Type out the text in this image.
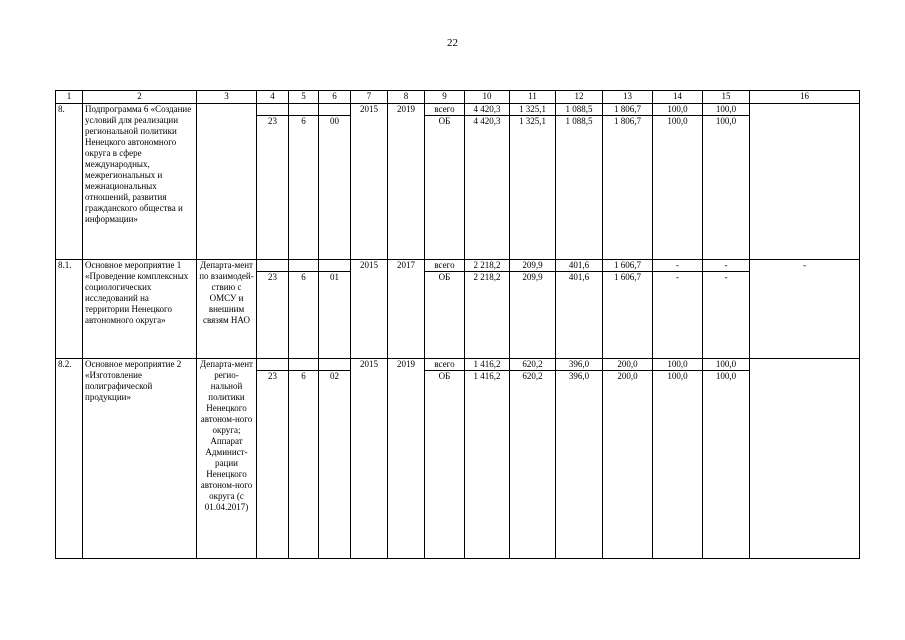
22
1	2	3	4	5	6	7	8	9	10	11	12	13	14	15	16
8.	Подпрограмма 6 «Создание условий для реализации региональной политики Ненецкого автономного округа в сфере международных, межрегиональных и межнациональных отношений, развития гражданского общества и информации»					2015	2019	всего	4 420,3	1 325,1	1 088,5	1 806,7	100,0	100,0	
			23	6	00			ОБ	4 420,3	1 325,1	1 088,5	1 806,7	100,0	100,0	
8.1.	Основное мероприятие 1 «Проведение комплексных социологических исследований на территории Ненецкого автономного округа»	Департа-мент по взаимодей-ствию с ОМСУ и внешним связям НАО				2015	2017	всего	2 218,2	209,9	401,6	1 606,7	-	-	-
			23	6	01			ОБ	2 218,2	209,9	401,6	1 606,7	-	-	
8.2.	Основное мероприятие 2 «Изготовление полиграфической продукции»	Департа-мент регио-нальной политики Ненецкого автоном-ного округа; Аппарат Админист-рации Ненецкого автоном-ного округа (с 01.04.2017)				2015	2019	всего	1 416,2	620,2	396,0	200,0	100,0	100,0	
			23	6	02			ОБ	1 416,2	620,2	396,0	200,0	100,0	100,0	
